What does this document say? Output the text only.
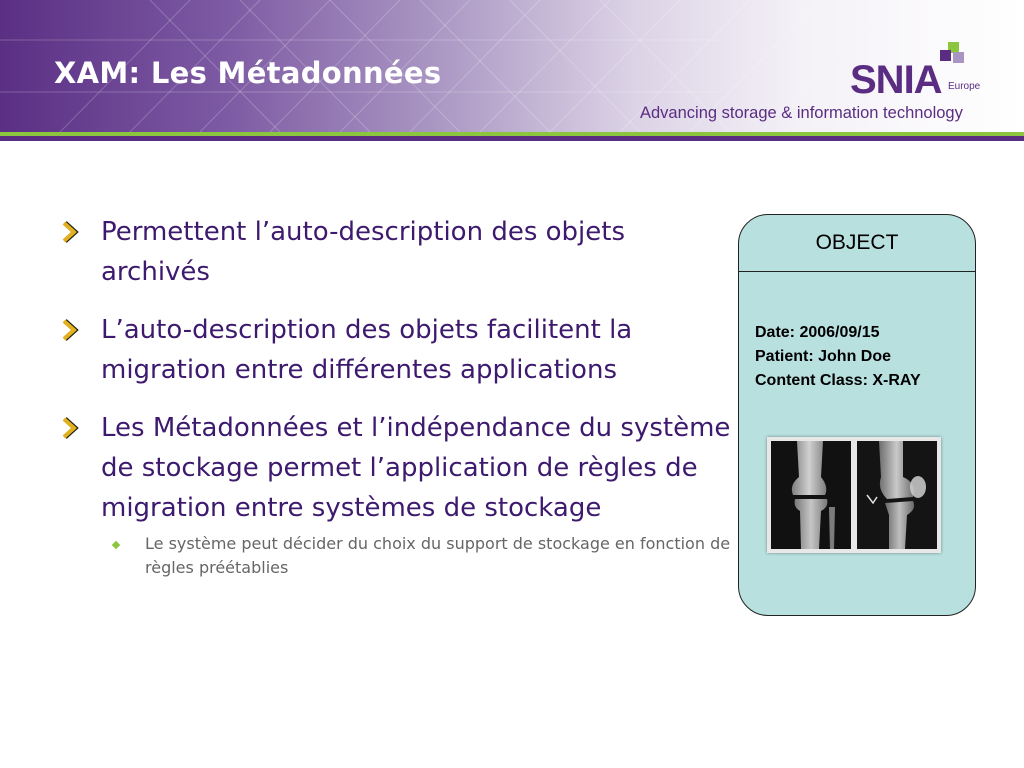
XAM: Les Métadonnées	SNIA Europe
Advancing storage & information technology
Permettent l’auto-description des objets archivés
L’auto-description des objets facilitent la migration entre différentes applications
Les Métadonnées et l’indépendance du système de stockage permet l’application de règles de migration entre systèmes de stockage
Le système peut décider du choix du support de stockage en fonction de règles préétablies
OBJECT
Date: 2006/09/15
Patient: John Doe
Content Class: X-RAY
